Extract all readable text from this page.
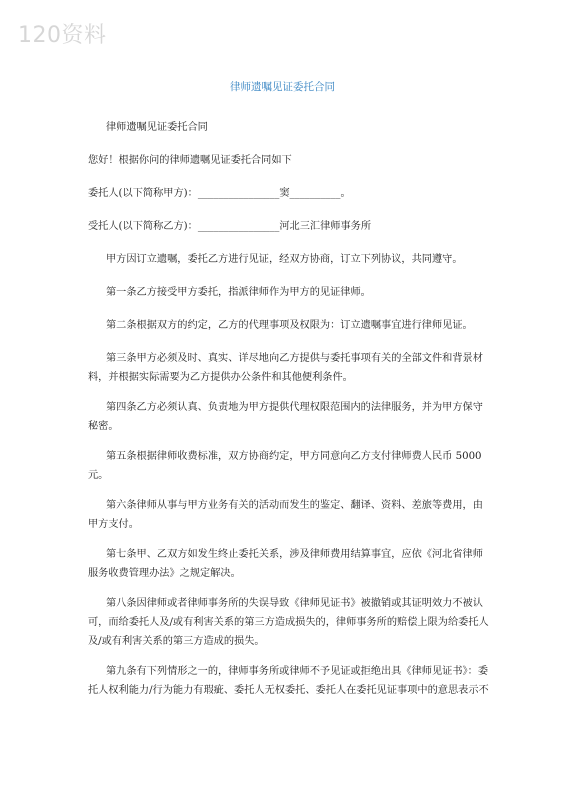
120资料
律师遗嘱见证委托合同

律师遗嘱见证委托合同

您好！根据你问的律师遗嘱见证委托合同如下

委托人(以下简称甲方)：________________窦__________。

受托人(以下简称乙方)：________________河北三汇律师事务所

甲方因订立遗嘱，委托乙方进行见证，经双方协商，订立下列协议，共同遵守。

第一条乙方接受甲方委托，指派律师作为甲方的见证律师。

第二条根据双方的约定，乙方的代理事项及权限为：订立遗嘱事宜进行律师见证。

第三条甲方必须及时、真实、详尽地向乙方提供与委托事项有关的全部文件和背景材料，并根据实际需要为乙方提供办公条件和其他便利条件。

第四条乙方必须认真、负责地为甲方提供代理权限范围内的法律服务，并为甲方保守秘密。

第五条根据律师收费标准，双方协商约定，甲方同意向乙方支付律师费人民币 5000 元。

第六条律师从事与甲方业务有关的活动而发生的鉴定、翻译、资料、差旅等费用，由甲方支付。

第七条甲、乙双方如发生终止委托关系，涉及律师费用结算事宜，应依《河北省律师服务收费管理办法》之规定解决。

第八条因律师或者律师事务所的失误导致《律师见证书》被撤销或其证明效力不被认可，而给委托人及/或有利害关系的第三方造成损失的，律师事务所的赔偿上限为给委托人及/或有利害关系的第三方造成的损失。

第九条有下列情形之一的，律师事务所或律师不予见证或拒绝出具《律师见证书》：委托人权利能力/行为能力有瑕疵、委托人无权委托、委托人在委托见证事项中的意思表示不
